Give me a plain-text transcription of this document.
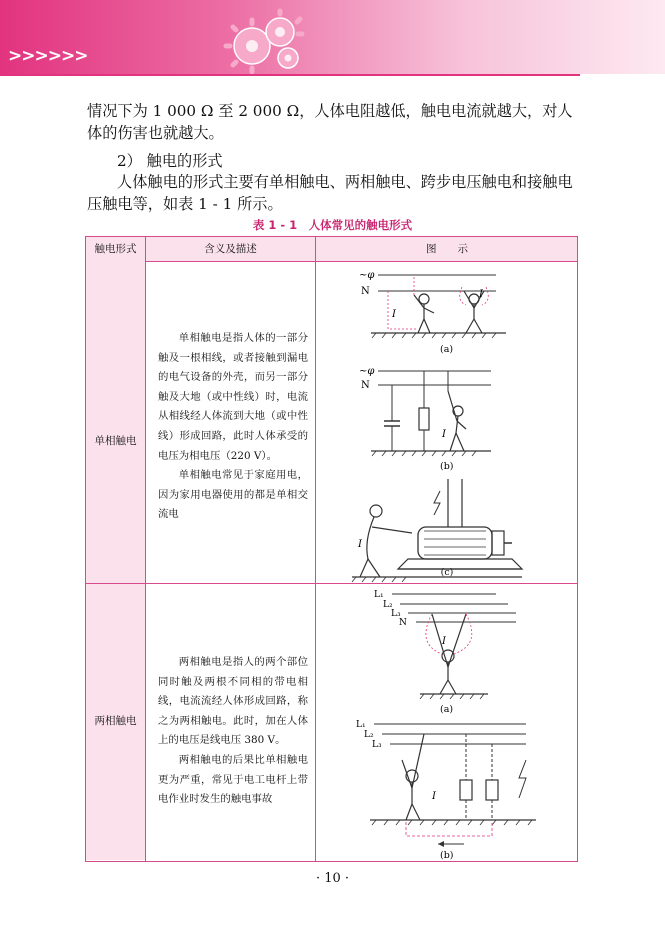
>>>>>>
情况下为 1 000 Ω 至 2 000 Ω，人体电阻越低，触电电流就越大，对人体的伤害也就越大。
2） 触电的形式
人体触电的形式主要有单相触电、两相触电、跨步电压触电和接触电压触电等，如表 1 - 1 所示。
表 1 - 1　人体常见的触电形式
触电形式	含义及描述	图　　示
单相触电

单相触电是指人体的一部分触及一根相线，或者接触到漏电的电气设备的外壳，而另一部分触及大地（或中性线）时，电流从相线经人体流到大地（或中性线）形成回路，此时人体承受的电压为相电压（220 V）。

单相触电常见于家庭用电，因为家用电器使用的都是单相交流电

~φ
N
I
I
(a)
~φ
N
I
(b)
I
(c)
两相触电

两相触电是指人的两个部位同时触及两根不同相的带电相线，电流流经人体形成回路，称之为两相触电。此时，加在人体上的电压是线电压 380 V。

两相触电的后果比单相触电更为严重，常见于电工电杆上带电作业时发生的触电事故

L₁
L₂
L₃
N
I
(a)
L₁
L₂
L₃
I
(b)
· 10 ·
